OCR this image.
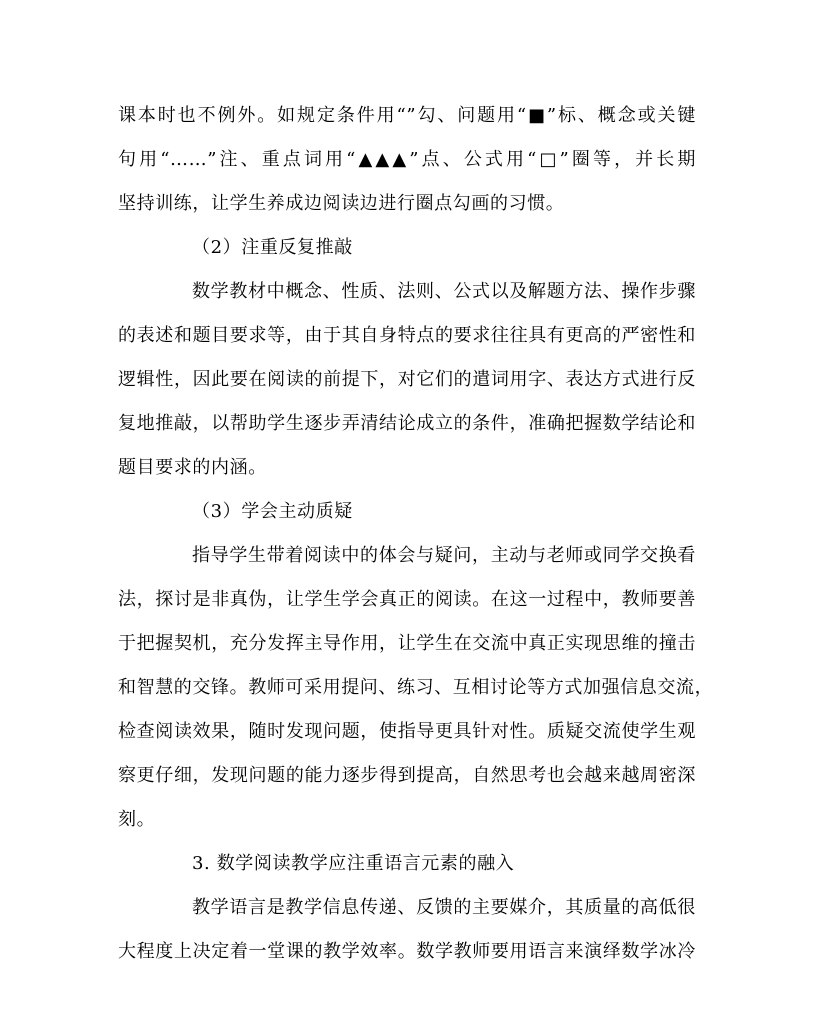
课本时也不例外。如规定条件用“”勾、问题用“■”标、概念或关键
句用“……”注、重点词用“▲▲▲”点、公式用“□”圈等，并长期
坚持训练，让学生养成边阅读边进行圈点勾画的习惯。
（2）注重反复推敲
数学教材中概念、性质、法则、公式以及解题方法、操作步骤
的表述和题目要求等，由于其自身特点的要求往往具有更高的严密性和
逻辑性，因此要在阅读的前提下，对它们的遣词用字、表达方式进行反
复地推敲，以帮助学生逐步弄清结论成立的条件，准确把握数学结论和
题目要求的内涵。
（3）学会主动质疑
指导学生带着阅读中的体会与疑问，主动与老师或同学交换看
法，探讨是非真伪，让学生学会真正的阅读。在这一过程中，教师要善
于把握契机，充分发挥主导作用，让学生在交流中真正实现思维的撞击
和智慧的交锋。教师可采用提问、练习、互相讨论等方式加强信息交流，
检查阅读效果，随时发现问题，使指导更具针对性。质疑交流使学生观
察更仔细，发现问题的能力逐步得到提高，自然思考也会越来越周密深
刻。
3. 数学阅读教学应注重语言元素的融入
教学语言是教学信息传递、反馈的主要媒介，其质量的高低很
大程度上决定着一堂课的教学效率。数学教师要用语言来演绎数学冰冷
